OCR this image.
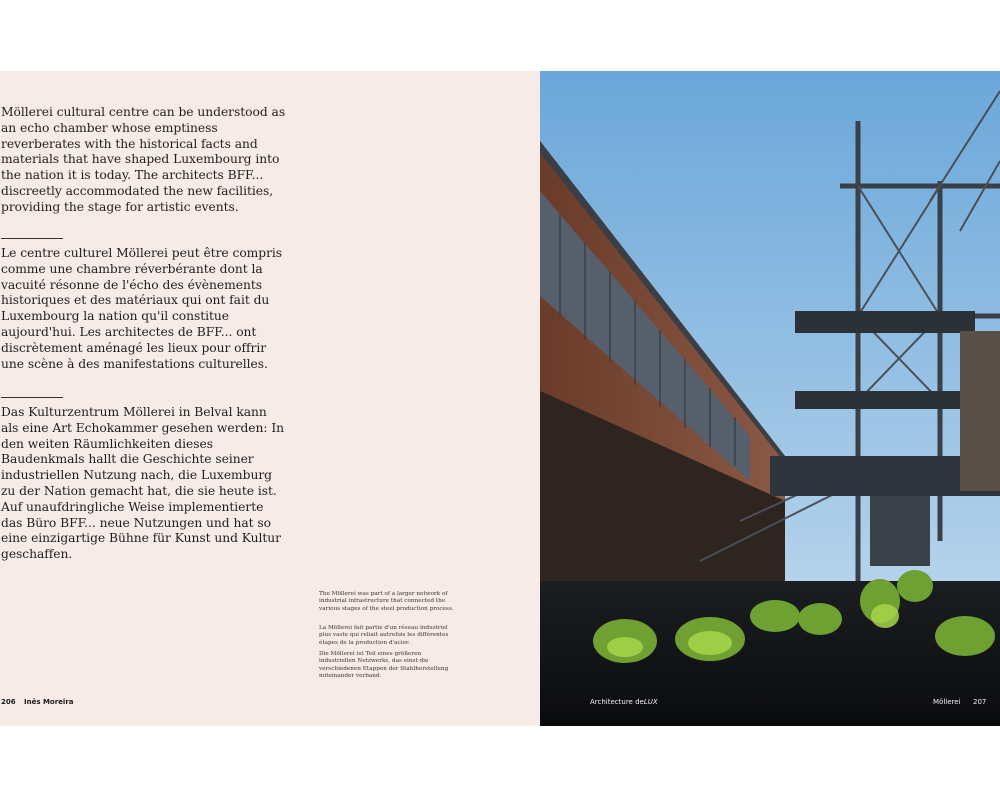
Möllerei cultural centre can be understood as an echo chamber whose emptiness reverberates with the historical facts and materials that have shaped Luxembourg into the nation it is today. The architects BFF... discreetly accommodated the new facilities, providing the stage for artistic events.

Le centre culturel Möllerei peut être compris comme une chambre réverbérante dont la vacuité résonne de l'écho des évènements historiques et des matériaux qui ont fait du Luxembourg la nation qu'il constitue aujourd'hui. Les architectes de BFF... ont discrètement aménagé les lieux pour offrir une scène à des manifestations culturelles.

Das Kulturzentrum Möllerei in Belval kann als eine Art Echokammer gesehen werden: In den weiten Räumlichkeiten dieses Baudenkmals hallt die Geschichte seiner industriellen Nutzung nach, die Luxemburg zu der Nation gemacht hat, die sie heute ist. Auf unaufdringliche Weise implementierte das Büro BFF... neue Nutzungen und hat so eine einzigartige Bühne für Kunst und Kultur geschaffen.

The Möllerei was part of a larger network of industrial infrastructure that connected the various stages of the steel production process.

La Möllerei fait partie d'un réseau industriel plus vaste qui reliait autrefois les différentes étapes de la production d'acier.

Die Möllerei ist Teil eines größeren industriellen Netzwerks, das einst die verschiedenen Etappen der Stahlherstellung miteinander verband.

206 Inês Moreira	Architecture deLUX	Möllerei 207
